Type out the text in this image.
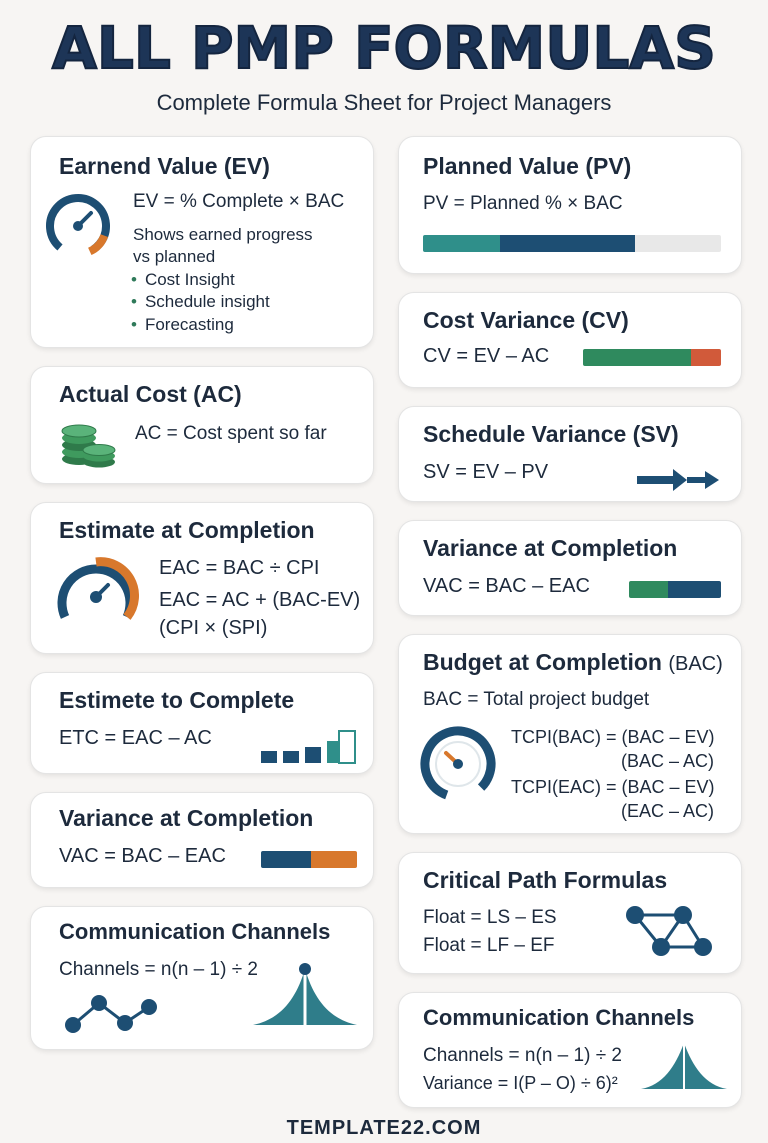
ALL PMP FORMULAS
Complete Formula Sheet for Project Managers
Earnend Value (EV)
EV = % Complete × BAC
Shows earned progress
vs planned
• Cost Insight
• Schedule insight
• Forecasting
Actual Cost (AC)
AC = Cost spent so far
Estimate at Completion
EAC = BAC ÷ CPI
EAC = AC + (BAC-EV)
(CPI × (SPI)
Estimete to Complete
ETC = EAC – AC
Variance at Completion
VAC = BAC – EAC
Communication Channels
Channels = n(n – 1) ÷ 2
Planned Value (PV)
PV = Planned % × BAC
Cost Variance (CV)
CV = EV – AC
Schedule Variance (SV)
SV = EV – PV
Variance at Completion
VAC = BAC – EAC
Budget at Completion (BAC)
BAC = Total project budget
TCPI(BAC) = (BAC – EV)
(BAC – AC)
TCPI(EAC) = (BAC – EV)
(EAC – AC)
Critical Path Formulas
Float = LS – ES
Float = LF – EF
Communication Channels
Channels = n(n – 1) ÷ 2
Variance = I(P – O) ÷ 6)²
TEMPLATE22.COM
